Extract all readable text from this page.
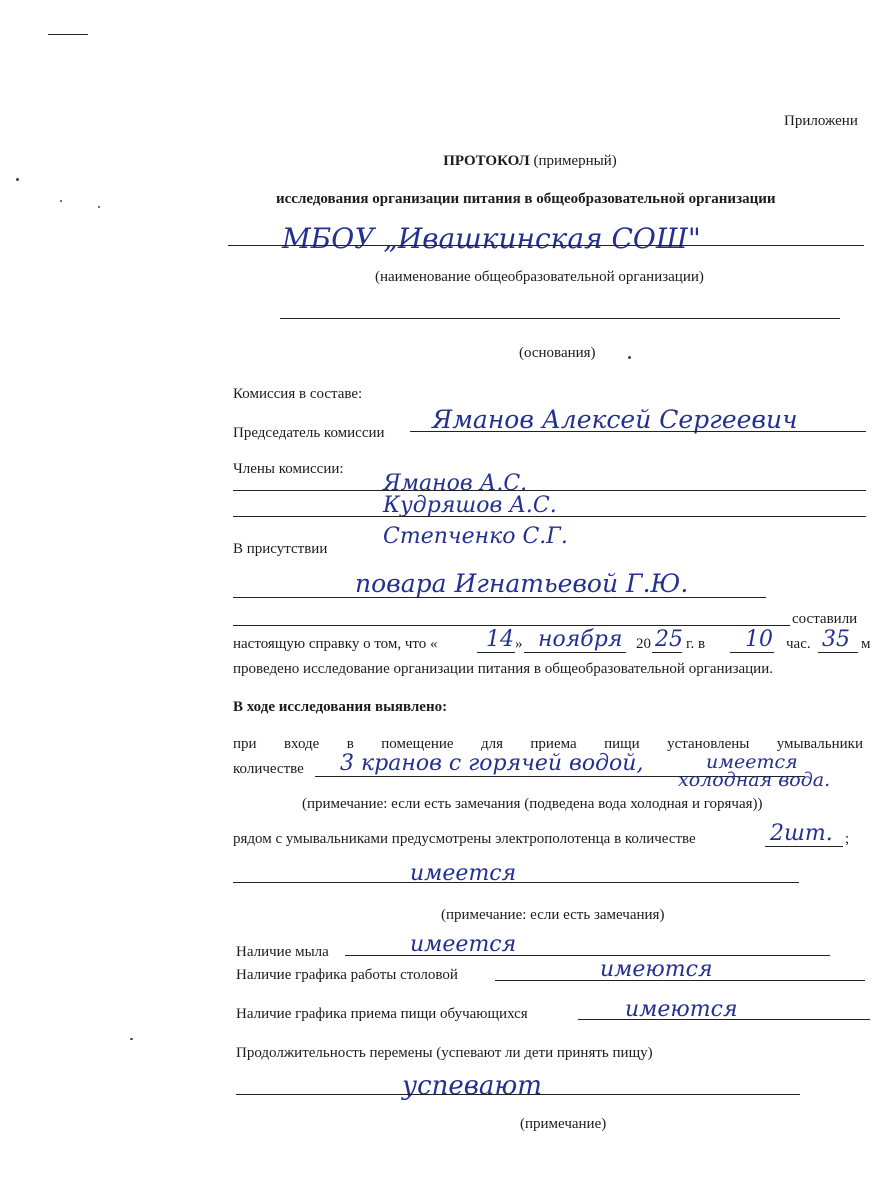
Приложени
ПРОТОКОЛ (примерный)
исследования организации питания в общеобразовательной организации
МБОУ „Ивашкинская СОШ"
(наименование общеобразовательной организации)
(основания)
Комиссия в составе:
Председатель комиссии Яманов Алексей Сергеевич
Члены комиссии:
Яманов А.С.
Кудряшов А.С.
Степченко С.Г.
В присутствии
повара Игнатьевой Г.Ю.
составили
настоящую справку о том, что « 14 » ноября 20 25 г. в 10 час. 35 м
проведено исследование организации питания в общеобразовательной организации.
В ходе исследования выявлено:
при входе в помещение для приема пищи установлены умывальники
количестве 3 кранов с горячей водой,	имеется
холодная вода.
(примечание: если есть замечания (подведена вода холодная и горячая))
рядом с умывальниками предусмотрены электрополотенца в количестве	2шт. ;
имеется
(примечание: если есть замечания)
Наличие мыла	имеется
Наличие графика работы столовой	имеются
Наличие графика приема пищи обучающихся	имеются
Продолжительность перемены (успевают ли дети принять пищу)
успевают
(примечание)
